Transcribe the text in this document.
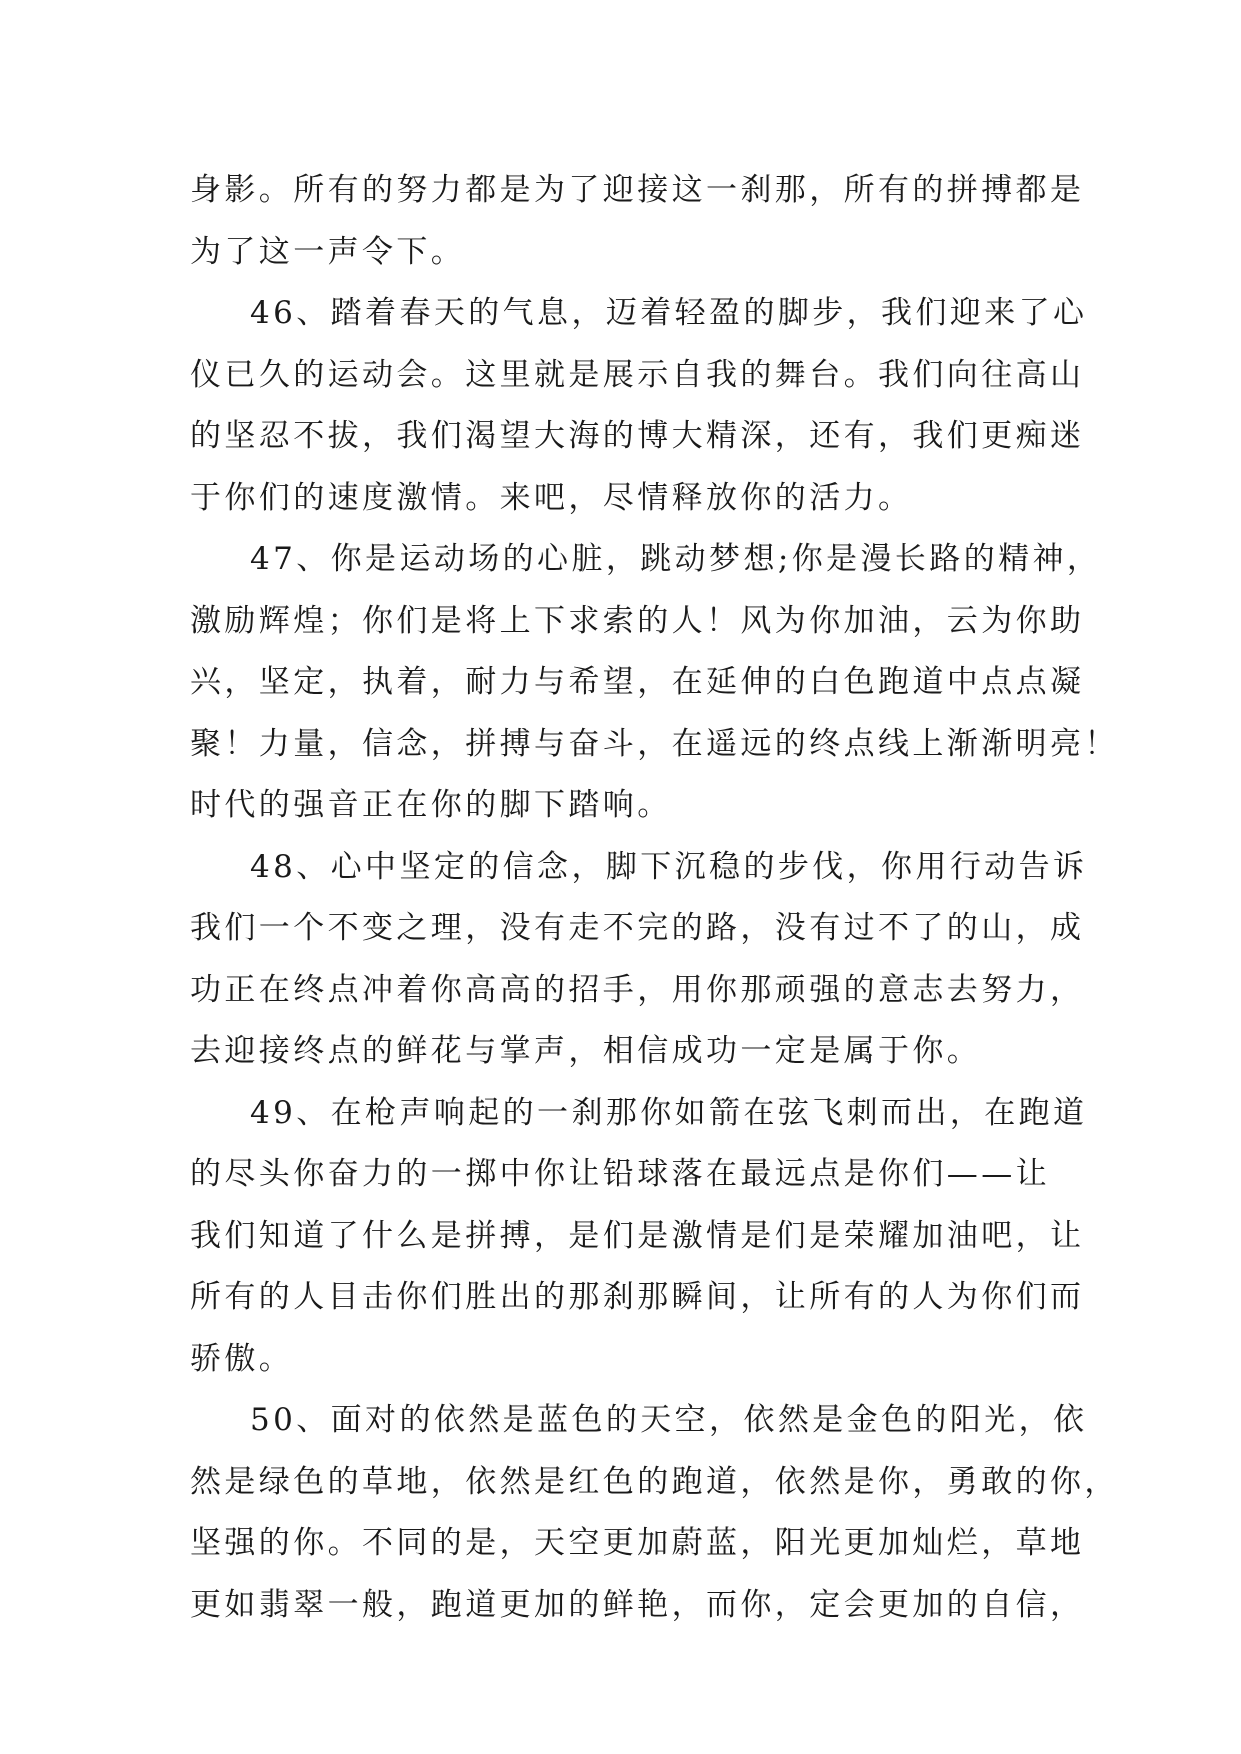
身影。所有的努力都是为了迎接这一刹那，所有的拼搏都是
为了这一声令下。
46、踏着春天的气息，迈着轻盈的脚步，我们迎来了心
仪已久的运动会。这里就是展示自我的舞台。我们向往高山
的坚忍不拔，我们渴望大海的博大精深，还有，我们更痴迷
于你们的速度激情。来吧，尽情释放你的活力。
47、你是运动场的心脏，跳动梦想;你是漫长路的精神，
激励辉煌；你们是将上下求索的人！风为你加油，云为你助
兴，坚定，执着，耐力与希望，在延伸的白色跑道中点点凝
聚！力量，信念，拼搏与奋斗，在遥远的终点线上渐渐明亮！
时代的强音正在你的脚下踏响。
48、心中坚定的信念，脚下沉稳的步伐，你用行动告诉
我们一个不变之理，没有走不完的路，没有过不了的山，成
功正在终点冲着你高高的招手，用你那顽强的意志去努力，
去迎接终点的鲜花与掌声，相信成功一定是属于你。
49、在枪声响起的一刹那你如箭在弦飞刺而出，在跑道
的尽头你奋力的一掷中你让铅球落在最远点是你们——让
我们知道了什么是拼搏，是们是激情是们是荣耀加油吧，让
所有的人目击你们胜出的那刹那瞬间，让所有的人为你们而
骄傲。
50、面对的依然是蓝色的天空，依然是金色的阳光，依
然是绿色的草地，依然是红色的跑道，依然是你，勇敢的你，
坚强的你。不同的是，天空更加蔚蓝，阳光更加灿烂，草地
更如翡翠一般，跑道更加的鲜艳，而你，定会更加的自信，
